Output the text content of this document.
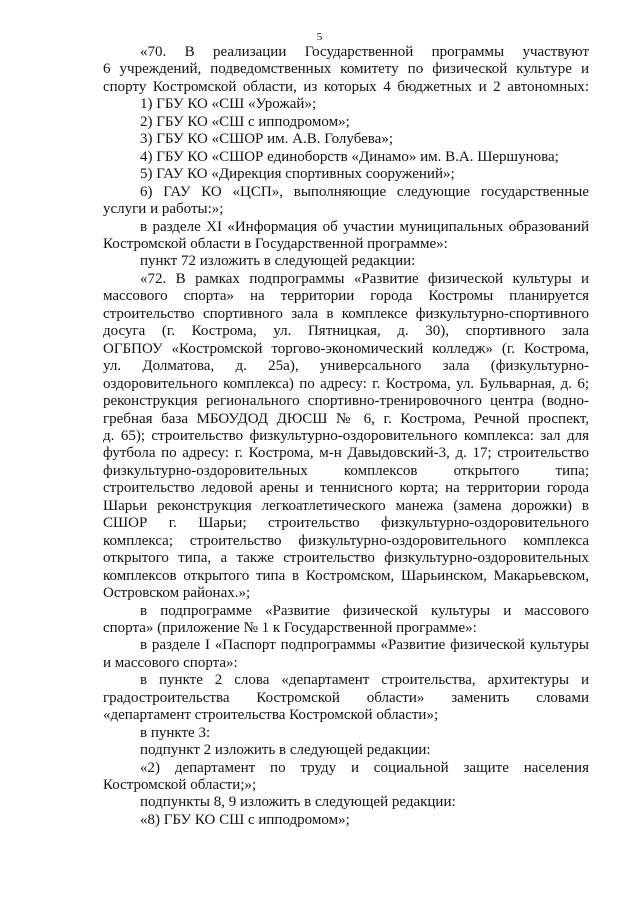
5

«70. В реализации Государственной программы участвуют

6 учреждений, подведомственных комитету по физической культуре и

спорту Костромской области, из которых 4 бюджетных и 2 автономных:

1) ГБУ КО «СШ «Урожай»;

2) ГБУ КО «СШ с ипподромом»;

3) ГБУ КО «СШОР им. А.В. Голубева»;

4) ГБУ КО «СШОР единоборств «Динамо» им. В.А. Шершунова;

5) ГАУ КО «Дирекция спортивных сооружений»;

6) ГАУ КО «ЦСП», выполняющие следующие государственные

услуги и работы:»;

в разделе XI «Информация об участии муниципальных образований

Костромской области в Государственной программе»:

пункт 72 изложить в следующей редакции:

«72. В рамках подпрограммы «Развитие физической культуры и

массового спорта» на территории города Костромы планируется

строительство спортивного зала в комплексе физкультурно-спортивного

досуга (г. Кострома, ул. Пятницкая, д. 30), спортивного зала

ОГБПОУ «Костромской торгово-экономический колледж» (г. Кострома,

ул. Долматова, д. 25а), универсального зала (физкультурно-

оздоровительного комплекса) по адресу: г. Кострома, ул. Бульварная, д. 6;

реконструкция регионального спортивно-тренировочного центра (водно-

гребная база МБОУДОД ДЮСШ № 6, г. Кострома, Речной проспект,

д. 65); строительство физкультурно-оздоровительного комплекса: зал для

футбола по адресу: г. Кострома, м-н Давыдовский-3, д. 17; строительство

физкультурно-оздоровительных комплексов открытого типа;

строительство ледовой арены и теннисного корта; на территории города

Шарьи реконструкция легкоатлетического манежа (замена дорожки) в

СШОР г. Шарьи; строительство физкультурно-оздоровительного

комплекса; строительство физкультурно-оздоровительного комплекса

открытого типа, а также строительство физкультурно-оздоровительных

комплексов открытого типа в Костромском, Шарьинском, Макарьевском,

Островском районах.»;

в подпрограмме «Развитие физической культуры и массового

спорта» (приложение № 1 к Государственной программе»:

в разделе I «Паспорт подпрограммы «Развитие физической культуры

и массового спорта»:

в пункте 2 слова «департамент строительства, архитектуры и

градостроительства Костромской области» заменить словами

«департамент строительства Костромской области»;

в пункте 3:

подпункт 2 изложить в следующей редакции:

«2) департамент по труду и социальной защите населения

Костромской области;»;

подпункты 8, 9 изложить в следующей редакции:

«8) ГБУ КО СШ с ипподромом»;
